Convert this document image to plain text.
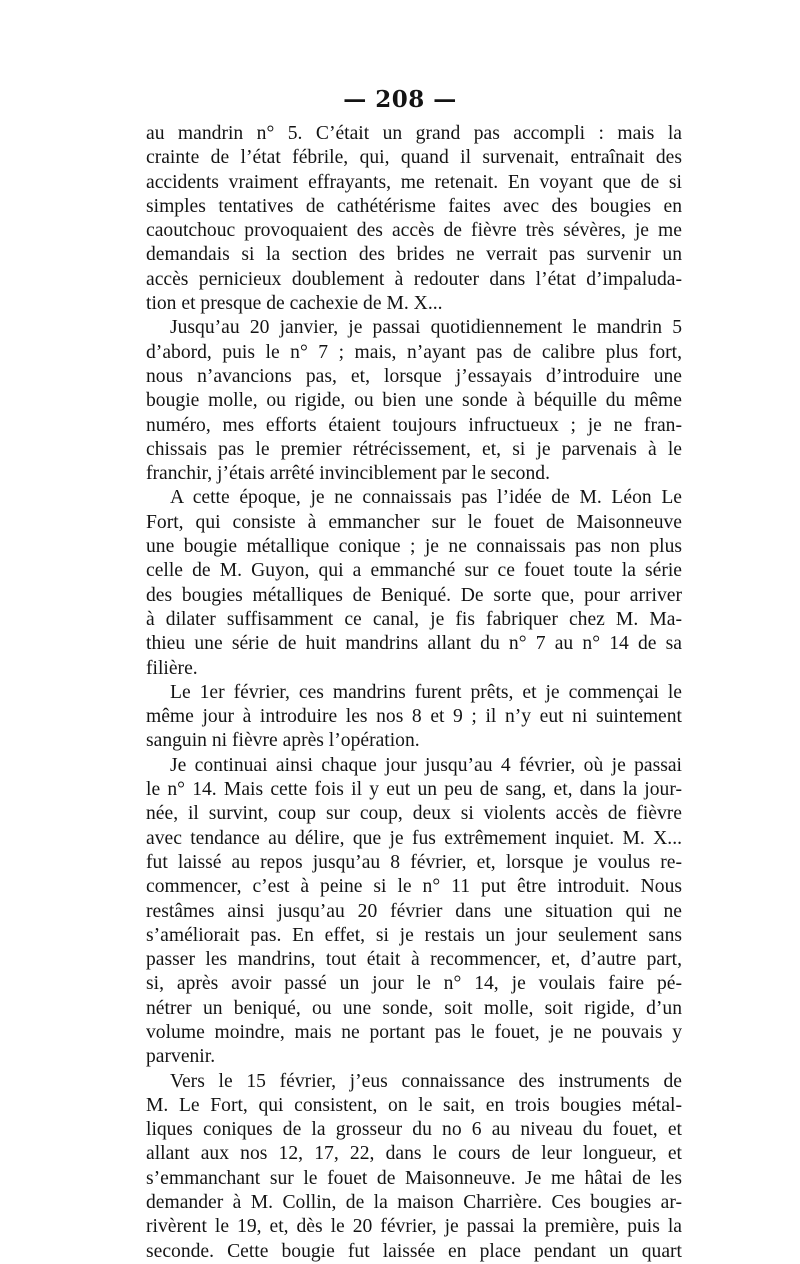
— 208 —
au mandrin n° 5. C’était un grand pas accompli : mais la
crainte de l’état fébrile, qui, quand il survenait, entraînait des
accidents vraiment effrayants, me retenait. En voyant que de si
simples tentatives de cathétérisme faites avec des bougies en
caoutchouc provoquaient des accès de fièvre très sévères, je me
demandais si la section des brides ne verrait pas survenir un
accès pernicieux doublement à redouter dans l’état d’impaluda-
tion et presque de cachexie de M. X...
Jusqu’au 20 janvier, je passai quotidiennement le mandrin 5
d’abord, puis le n° 7 ; mais, n’ayant pas de calibre plus fort,
nous n’avancions pas, et, lorsque j’essayais d’introduire une
bougie molle, ou rigide, ou bien une sonde à béquille du même
numéro, mes efforts étaient toujours infructueux ; je ne fran-
chissais pas le premier rétrécissement, et, si je parvenais à le
franchir, j’étais arrêté invinciblement par le second.
A cette époque, je ne connaissais pas l’idée de M. Léon Le
Fort, qui consiste à emmancher sur le fouet de Maisonneuve
une bougie métallique conique ; je ne connaissais pas non plus
celle de M. Guyon, qui a emmanché sur ce fouet toute la série
des bougies métalliques de Beniqué. De sorte que, pour arriver
à dilater suffisamment ce canal, je fis fabriquer chez M. Ma-
thieu une série de huit mandrins allant du n° 7 au n° 14 de sa
filière.
Le 1er février, ces mandrins furent prêts, et je commençai le
même jour à introduire les nos 8 et 9 ; il n’y eut ni suintement
sanguin ni fièvre après l’opération.
Je continuai ainsi chaque jour jusqu’au 4 février, où je passai
le n° 14. Mais cette fois il y eut un peu de sang, et, dans la jour-
née, il survint, coup sur coup, deux si violents accès de fièvre
avec tendance au délire, que je fus extrêmement inquiet. M. X...
fut laissé au repos jusqu’au 8 février, et, lorsque je voulus re-
commencer, c’est à peine si le n° 11 put être introduit. Nous
restâmes ainsi jusqu’au 20 février dans une situation qui ne
s’améliorait pas. En effet, si je restais un jour seulement sans
passer les mandrins, tout était à recommencer, et, d’autre part,
si, après avoir passé un jour le n° 14, je voulais faire pé-
nétrer un beniqué, ou une sonde, soit molle, soit rigide, d’un
volume moindre, mais ne portant pas le fouet, je ne pouvais y
parvenir.
Vers le 15 février, j’eus connaissance des instruments de
M. Le Fort, qui consistent, on le sait, en trois bougies métal-
liques coniques de la grosseur du no 6 au niveau du fouet, et
allant aux nos 12, 17, 22, dans le cours de leur longueur, et
s’emmanchant sur le fouet de Maisonneuve. Je me hâtai de les
demander à M. Collin, de la maison Charrière. Ces bougies ar-
rivèrent le 19, et, dès le 20 février, je passai la première, puis la
seconde. Cette bougie fut laissée en place pendant un quart
